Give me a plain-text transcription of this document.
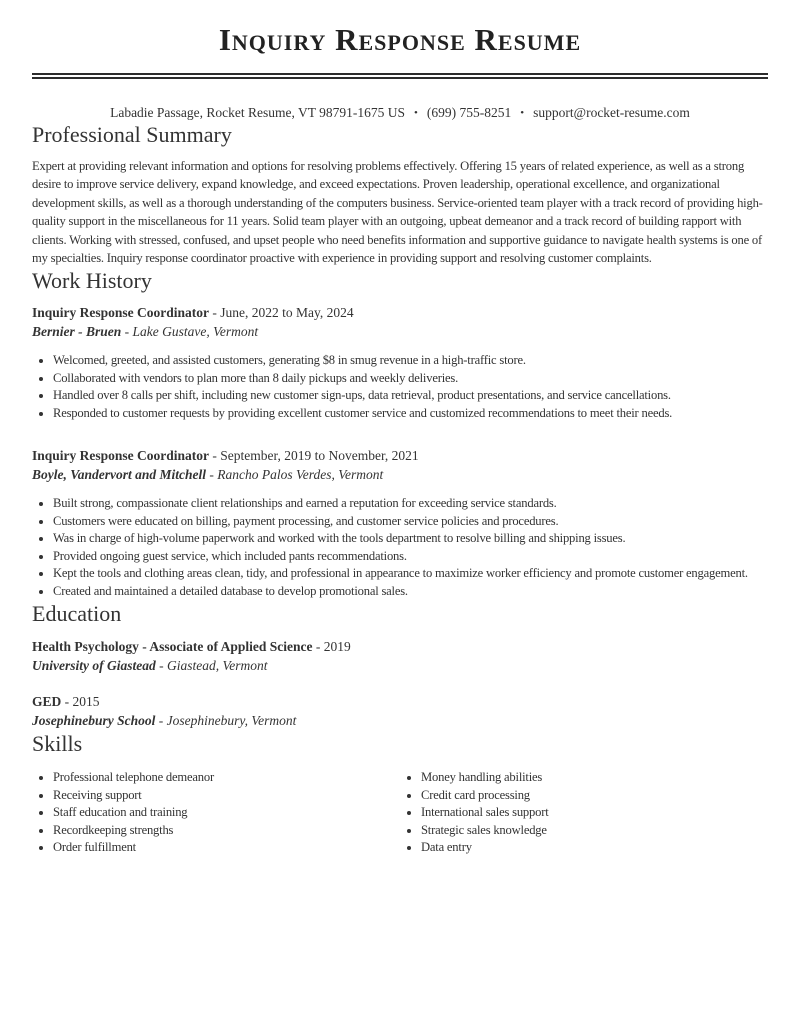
Inquiry Response Resume
Labadie Passage, Rocket Resume, VT 98791-1675 US • (699) 755-8251 • support@rocket-resume.com
Professional Summary

Expert at providing relevant information and options for resolving problems effectively. Offering 15 years of related experience, as well as a strong desire to improve service delivery, expand knowledge, and exceed expectations. Proven leadership, operational excellence, and organizational development skills, as well as a thorough understanding of the computers business. Service-oriented team player with a track record of providing high-quality support in the miscellaneous for 11 years. Solid team player with an outgoing, upbeat demeanor and a track record of building rapport with clients. Working with stressed, confused, and upset people who need benefits information and supportive guidance to navigate health systems is one of my specialties. Inquiry response coordinator proactive with experience in providing support and resolving customer complaints.

Work History

Inquiry Response Coordinator - June, 2022 to May, 2024

Bernier - Bruen - Lake Gustave, Vermont

• Welcomed, greeted, and assisted customers, generating $8 in smug revenue in a high-traffic store.
• Collaborated with vendors to plan more than 8 daily pickups and weekly deliveries.
• Handled over 8 calls per shift, including new customer sign-ups, data retrieval, product presentations, and service cancellations.
• Responded to customer requests by providing excellent customer service and customized recommendations to meet their needs.

Inquiry Response Coordinator - September, 2019 to November, 2021

Boyle, Vandervort and Mitchell - Rancho Palos Verdes, Vermont

• Built strong, compassionate client relationships and earned a reputation for exceeding service standards.
• Customers were educated on billing, payment processing, and customer service policies and procedures.
• Was in charge of high-volume paperwork and worked with the tools department to resolve billing and shipping issues.
• Provided ongoing guest service, which included pants recommendations.
• Kept the tools and clothing areas clean, tidy, and professional in appearance to maximize worker efficiency and promote customer engagement.
• Created and maintained a detailed database to develop promotional sales.
Education

Health Psychology - Associate of Applied Science - 2019

University of Giastead - Giastead, Vermont

GED - 2015

Josephinebury School - Josephinebury, Vermont

Skills
• Professional telephone demeanor
• Receiving support
• Staff education and training
• Recordkeeping strengths
• Order fulfillment
• Money handling abilities
• Credit card processing
• International sales support
• Strategic sales knowledge
• Data entry
